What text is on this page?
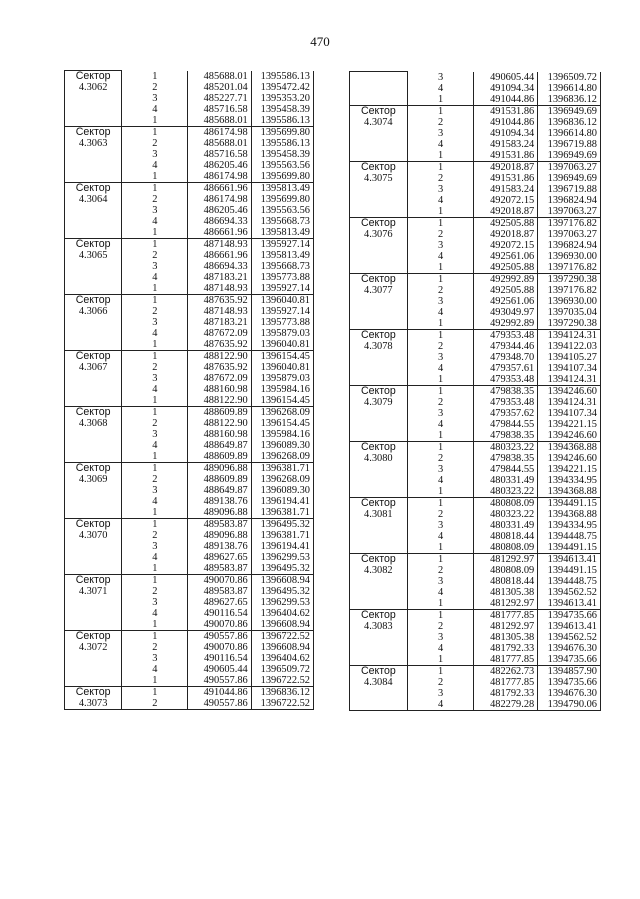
470
Сектор
4.3062	1	485688.01	1395586.13
	2	485201.04	1395472.42
	3	485227.71	1395353.20
	4	485716.58	1395458.39
	1	485688.01	1395586.13

Сектор
4.3063	1	486174.98	1395699.80
	2	485688.01	1395586.13
	3	485716.58	1395458.39
	4	486205.46	1395563.56
	1	486174.98	1395699.80

Сектор
4.3064	1	486661.96	1395813.49
	2	486174.98	1395699.80
	3	486205.46	1395563.56
	4	486694.33	1395668.73
	1	486661.96	1395813.49

Сектор
4.3065	1	487148.93	1395927.14
	2	486661.96	1395813.49
	3	486694.33	1395668.73
	4	487183.21	1395773.88
	1	487148.93	1395927.14

Сектор
4.3066	1	487635.92	1396040.81
	2	487148.93	1395927.14
	3	487183.21	1395773.88
	4	487672.09	1395879.03
	1	487635.92	1396040.81

Сектор
4.3067	1	488122.90	1396154.45
	2	487635.92	1396040.81
	3	487672.09	1395879.03
	4	488160.98	1395984.16
	1	488122.90	1396154.45

Сектор
4.3068	1	488609.89	1396268.09
	2	488122.90	1396154.45
	3	488160.98	1395984.16
	4	488649.87	1396089.30
	1	488609.89	1396268.09

Сектор
4.3069	1	489096.88	1396381.71
	2	488609.89	1396268.09
	3	488649.87	1396089.30
	4	489138.76	1396194.41
	1	489096.88	1396381.71

Сектор
4.3070	1	489583.87	1396495.32
	2	489096.88	1396381.71
	3	489138.76	1396194.41
	4	489627.65	1396299.53
	1	489583.87	1396495.32

Сектор
4.3071	1	490070.86	1396608.94
	2	489583.87	1396495.32
	3	489627.65	1396299.53
	4	490116.54	1396404.62
	1	490070.86	1396608.94

Сектор
4.3072	1	490557.86	1396722.52
	2	490070.86	1396608.94
	3	490116.54	1396404.62
	4	490605.44	1396509.72
	1	490557.86	1396722.52

Сектор
4.3073	1	491044.86	1396836.12
	2	490557.86	1396722.52
	3	490605.44	1396509.72
	4	491094.34	1396614.80
	1	491044.86	1396836.12

Сектор
4.3074	1	491531.86	1396949.69
	2	491044.86	1396836.12
	3	491094.34	1396614.80
	4	491583.24	1396719.88
	1	491531.86	1396949.69

Сектор
4.3075	1	492018.87	1397063.27
	2	491531.86	1396949.69
	3	491583.24	1396719.88
	4	492072.15	1396824.94
	1	492018.87	1397063.27

Сектор
4.3076	1	492505.88	1397176.82
	2	492018.87	1397063.27
	3	492072.15	1396824.94
	4	492561.06	1396930.00
	1	492505.88	1397176.82

Сектор
4.3077	1	492992.89	1397290.38
	2	492505.88	1397176.82
	3	492561.06	1396930.00
	4	493049.97	1397035.04
	1	492992.89	1397290.38

Сектор
4.3078	1	479353.48	1394124.31
	2	479344.46	1394122.03
	3	479348.70	1394105.27
	4	479357.61	1394107.34
	1	479353.48	1394124.31

Сектор
4.3079	1	479838.35	1394246.60
	2	479353.48	1394124.31
	3	479357.62	1394107.34
	4	479844.55	1394221.15
	1	479838.35	1394246.60

Сектор
4.3080	1	480323.22	1394368.88
	2	479838.35	1394246.60
	3	479844.55	1394221.15
	4	480331.49	1394334.95
	1	480323.22	1394368.88

Сектор
4.3081	1	480808.09	1394491.15
	2	480323.22	1394368.88
	3	480331.49	1394334.95
	4	480818.44	1394448.75
	1	480808.09	1394491.15

Сектор
4.3082	1	481292.97	1394613.41
	2	480808.09	1394491.15
	3	480818.44	1394448.75
	4	481305.38	1394562.52
	1	481292.97	1394613.41

Сектор
4.3083	1	481777.85	1394735.66
	2	481292.97	1394613.41
	3	481305.38	1394562.52
	4	481792.33	1394676.30
	1	481777.85	1394735.66

Сектор
4.3084	1	482262.73	1394857.90
	2	481777.85	1394735.66
	3	481792.33	1394676.30
	4	482279.28	1394790.06
